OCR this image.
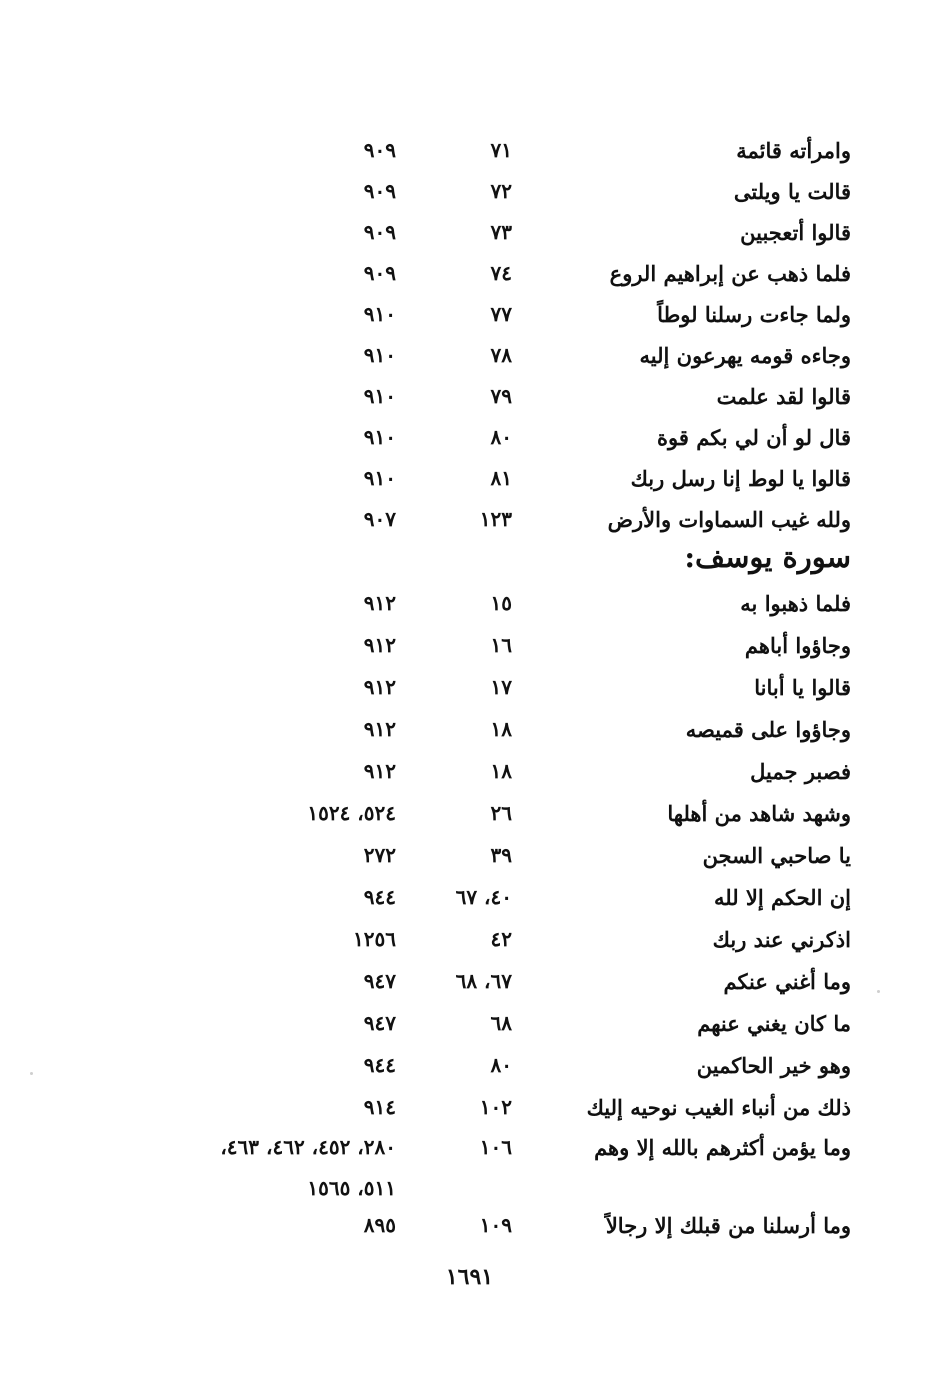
وامرأته قائمة
٧١
٩٠٩
قالت يا ويلتى
٧٢
٩٠٩
قالوا أتعجبين
٧٣
٩٠٩
فلما ذهب عن إبراهيم الروع
٧٤
٩٠٩
ولما جاءت رسلنا لوطاً
٧٧
٩١٠
وجاءه قومه يهرعون إليه
٧٨
٩١٠
قالوا لقد علمت
٧٩
٩١٠
قال لو أن لي بكم قوة
٨٠
٩١٠
قالوا يا لوط إنا رسل ربك
٨١
٩١٠
ولله غيب السماوات والأرض
١٢٣
٩٠٧
سورة يوسف:
فلما ذهبوا به
١٥
٩١٢
وجاؤوا أباهم
١٦
٩١٢
قالوا يا أبانا
١٧
٩١٢
وجاؤوا على قميصه
١٨
٩١٢
فصبر جميل
١٨
٩١٢
وشهد شاهد من أهلها
٢٦
٥٢٤، ١٥٢٤
يا صاحبي السجن
٣٩
٢٧٢
إن الحكم إلا لله
٤٠، ٦٧
٩٤٤
اذكرني عند ربك
٤٢
١٢٥٦
وما أغني عنكم
٦٧، ٦٨
٩٤٧
ما كان يغني عنهم
٦٨
٩٤٧
وهو خير الحاكمين
٨٠
٩٤٤
ذلك من أنباء الغيب نوحيه إليك
١٠٢
٩١٤
وما يؤمن أكثرهم بالله إلا وهم
١٠٦
٢٨٠، ٤٥٢، ٤٦٢، ٤٦٣،
٥١١، ١٥٦٥
وما أرسلنا من قبلك إلا رجالاً
١٠٩
٨٩٥
١٦٩١
